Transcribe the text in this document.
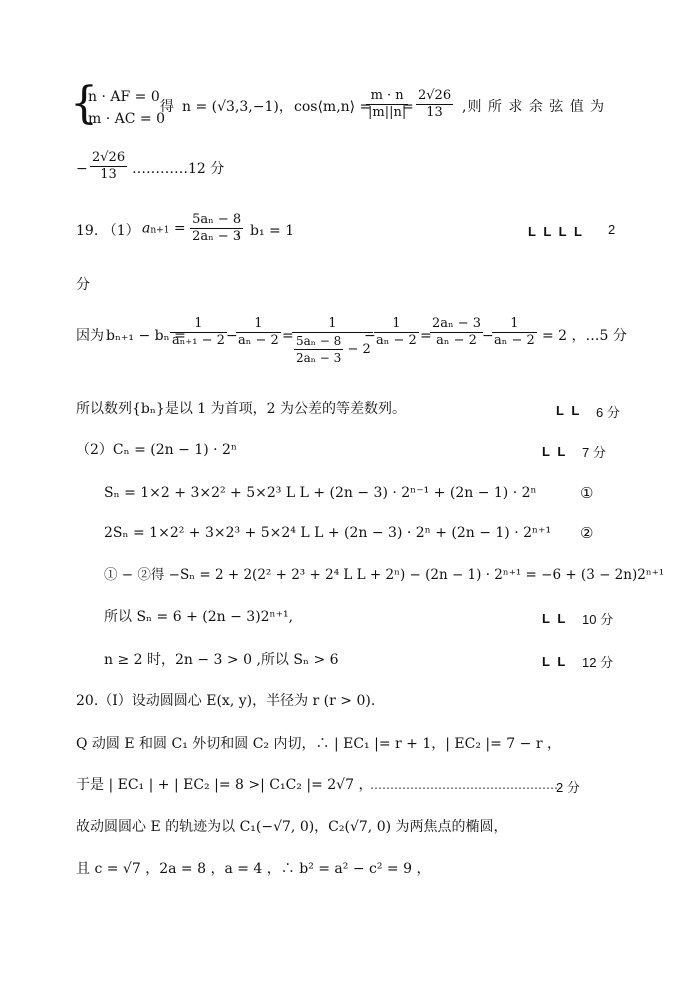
{
n · AF = 0
m · AC = 0
得 n = (√3,3,−1)， cos⟨m,n⟩ =
$\frac{m \cdot n}{|m||n|}$
= $\frac{2√26}{13}$ ,则 所 求 余 弦 值 为
− $\frac{2√26}{13}$ …………12 分
19. （1） $an+1 = \frac{\text{5aₙ − 8}}{\text{2aₙ − 3}}$
，b₁ = 1	L L L L 2
分
因为 bₙ₊₁ − bₙ =
$\frac{1}{\text{aₙ₊₁ − 2}}$ −
$\frac{1}{\text{aₙ − 2}}$ =
$\frac{1}{\frac{\text{5aₙ − 8}}{\text{2aₙ − 3}} - 2}$
−
$\frac{1}{\text{aₙ − 2}}$ =
$\frac{\text{2aₙ − 3}}{\text{aₙ − 2}}$
−
$\frac{1}{\text{aₙ − 2}} = 2$ ，…5 分
所以数列{bₙ}是以 1 为首项，2 为公差的等差数列。	L L 6 分
（2）Cₙ = (2n − 1) · 2ⁿ	L L 7 分
Sₙ = 1×2 + 3×2² + 5×2³ L L + (2n − 3) · 2ⁿ⁻¹ + (2n − 1) · 2ⁿ	①
2Sₙ = 1×2² + 3×2³ + 5×2⁴ L L + (2n − 3) · 2ⁿ + (2n − 1) · 2ⁿ⁺¹ ②
① − ②得 −Sₙ = 2 + 2(2² + 2³ + 2⁴ L L + 2ⁿ) − (2n − 1) · 2ⁿ⁺¹ = −6 + (3 − 2n)2ⁿ⁺¹
所以 Sₙ = 6 + (2n − 3)2ⁿ⁺¹,	L L 10 分
n ≥ 2 时，2n − 3 > 0 ,所以 Sₙ > 6	L L 12 分
20.（Ⅰ）设动圆圆心 E(x, y)，半径为 r (r > 0).
Q 动圆 E 和圆 C₁ 外切和圆 C₂ 内切，∴ | EC₁ |= r + 1，| EC₂ |= 7 − r ，
于是 | EC₁ | + | EC₂ |= 8 >| C₁C₂ |= 2√7 ，
…………………………………………
2 分
故动圆圆心 E 的轨迹为以 C₁(−√7, 0)，C₂(√7, 0) 为两焦点的椭圆，
且 c = √7 ，2a = 8 ，a = 4 ，∴ b² = a² − c² = 9 ，
